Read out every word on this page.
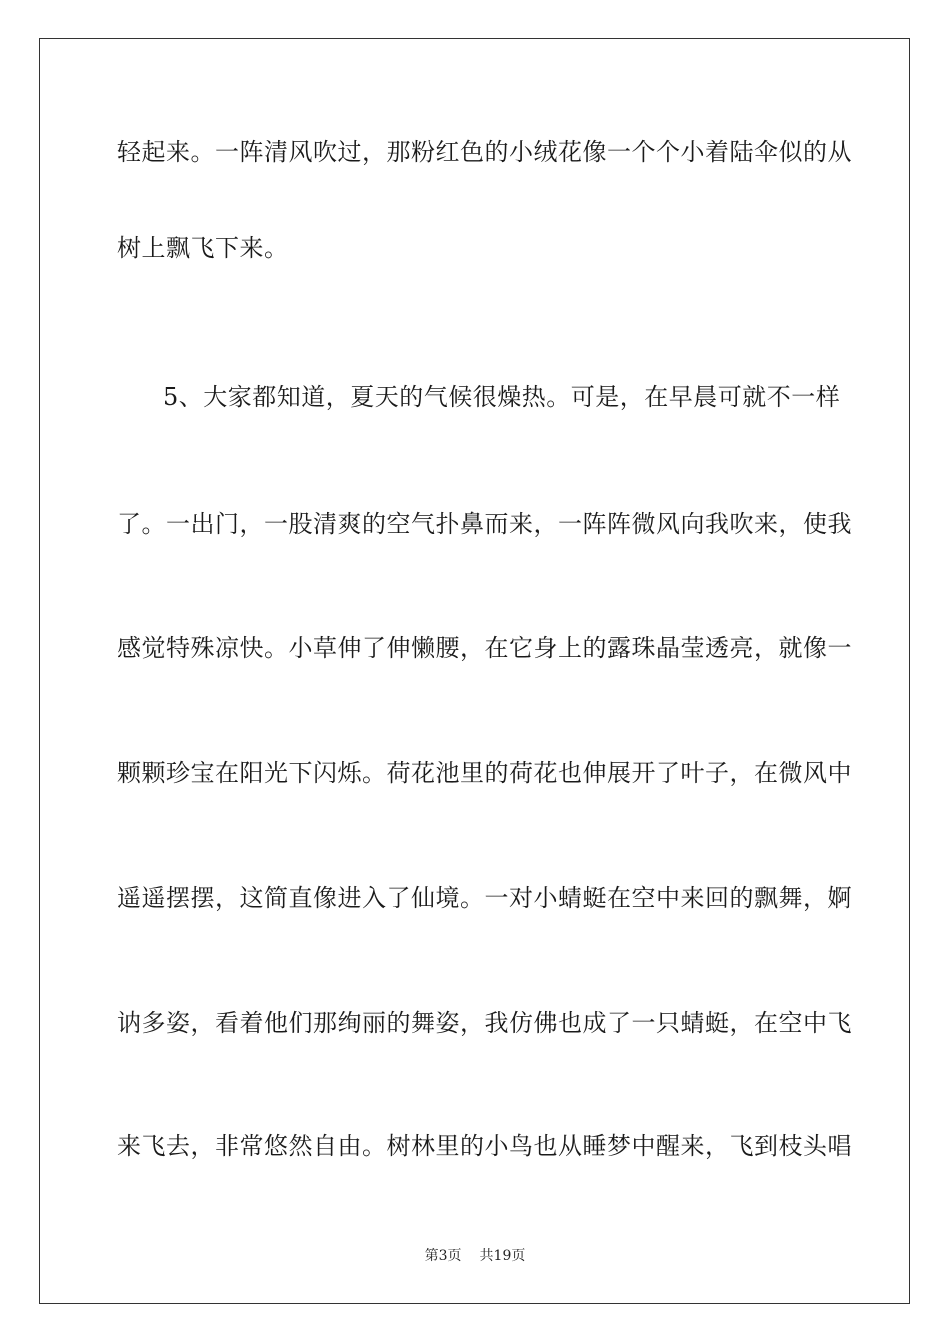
轻起来。一阵清风吹过，那粉红色的小绒花像一个个小着陆伞似的从
树上飘飞下来。
5、大家都知道，夏天的气候很燥热。可是，在早晨可就不一样
了。一出门，一股清爽的空气扑鼻而来，一阵阵微风向我吹来，使我
感觉特殊凉快。小草伸了伸懒腰，在它身上的露珠晶莹透亮，就像一
颗颗珍宝在阳光下闪烁。荷花池里的荷花也伸展开了叶子，在微风中
遥遥摆摆，这简直像进入了仙境。一对小蜻蜓在空中来回的飘舞，婀
讷多姿，看着他们那绚丽的舞姿，我仿佛也成了一只蜻蜓，在空中飞
来飞去，非常悠然自由。树林里的小鸟也从睡梦中醒来，飞到枝头唱
第3页 共19页
